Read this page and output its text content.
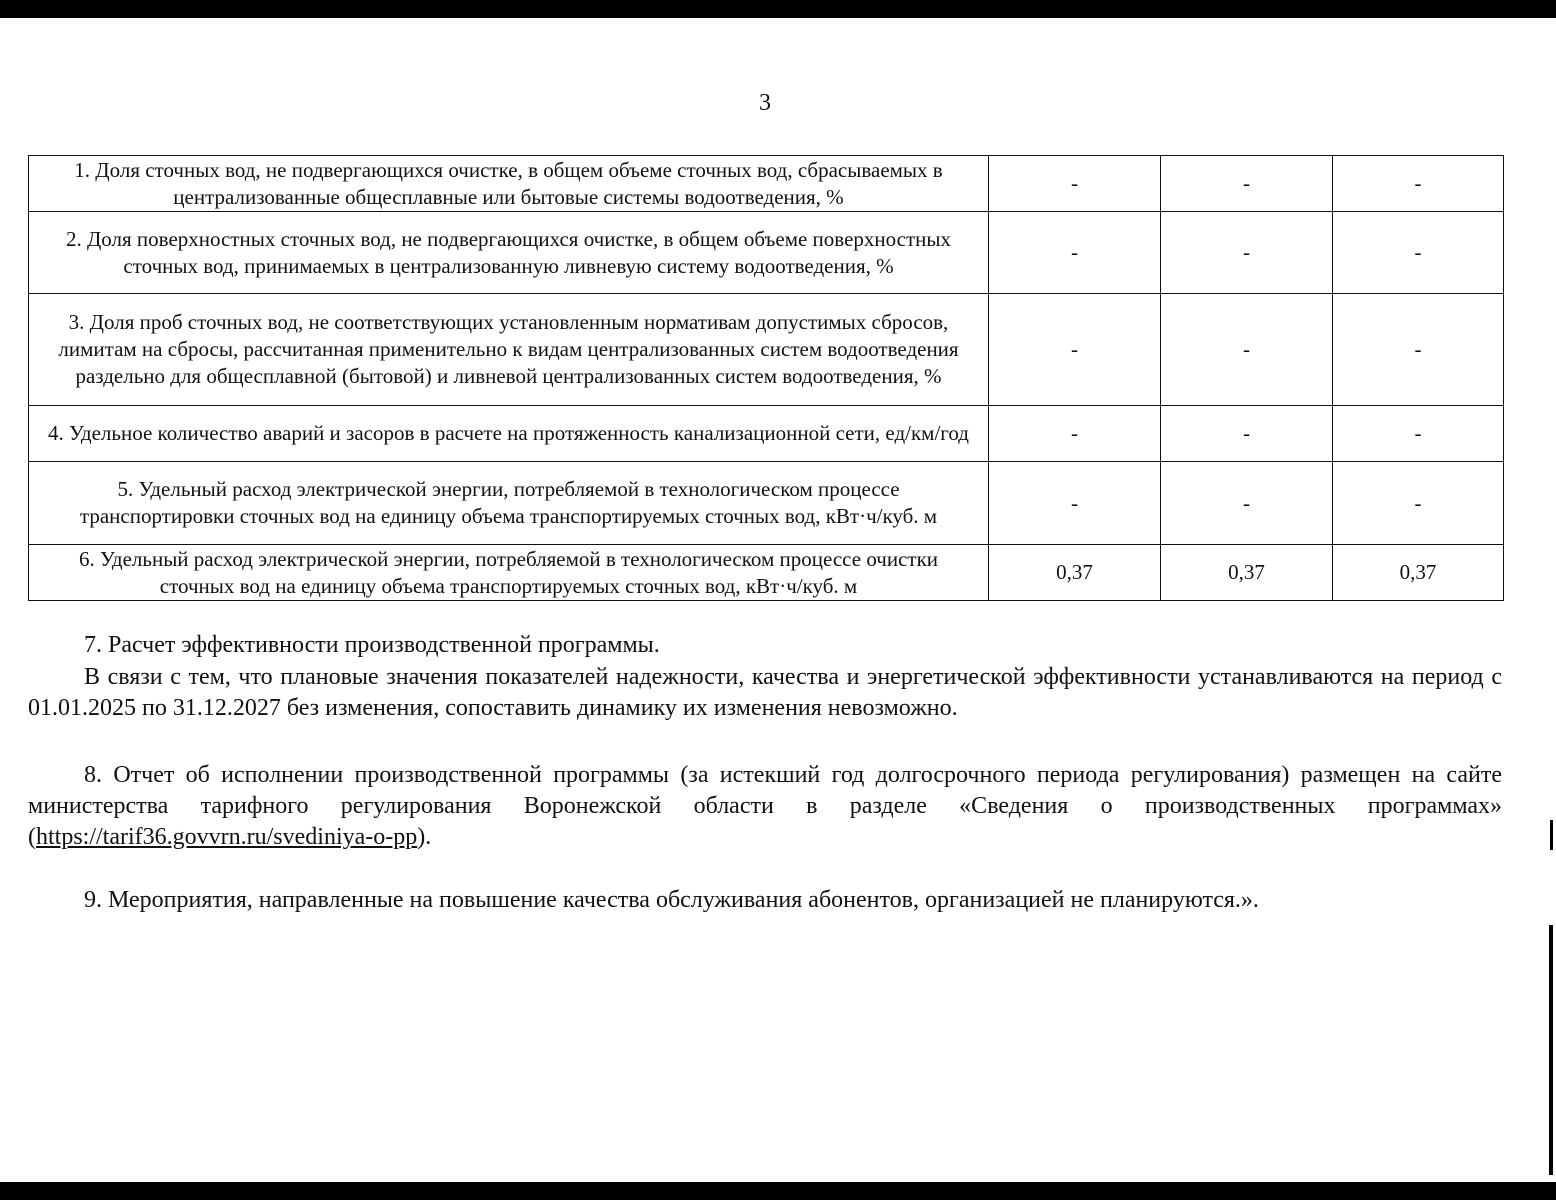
3
1. Доля сточных вод, не подвергающихся очистке, в общем объеме сточных вод, сбрасываемых в централизованные общесплавные или бытовые системы водоотведения, %	-	-	-
2. Доля поверхностных сточных вод, не подвергающихся очистке, в общем объеме поверхностных сточных вод, принимаемых в централизованную ливневую систему водоотведения, %	-	-	-
3. Доля проб сточных вод, не соответствующих установленным нормативам допустимых сбросов, лимитам на сбросы, рассчитанная применительно к видам централизованных систем водоотведения раздельно для общесплавной (бытовой) и ливневой централизованных систем водоотведения, %	-	-	-
4. Удельное количество аварий и засоров в расчете на протяженность канализационной сети, ед/км/год	-	-	-
5. Удельный расход электрической энергии, потребляемой в технологическом процессе транспортировки сточных вод на единицу объема транспортируемых сточных вод, кВт·ч/куб. м	-	-	-
6. Удельный расход электрической энергии, потребляемой в технологическом процессе очистки сточных вод на единицу объема транспортируемых сточных вод, кВт·ч/куб. м	0,37	0,37	0,37

7. Расчет эффективности производственной программы.

В связи с тем, что плановые значения показателей надежности, качества и энергетической эффективности устанавливаются на период с 01.01.2025 по 31.12.2027 без изменения, сопоставить динамику их изменения невозможно.

8. Отчет об исполнении производственной программы (за истекший год долгосрочного периода регулирования) размещен на сайте министерства тарифного регулирования Воронежской области в разделе «Сведения о производственных программах» (https://tarif36.govvrn.ru/svediniya-o-pp).

9. Мероприятия, направленные на повышение качества обслуживания абонентов, организацией не планируются.».
